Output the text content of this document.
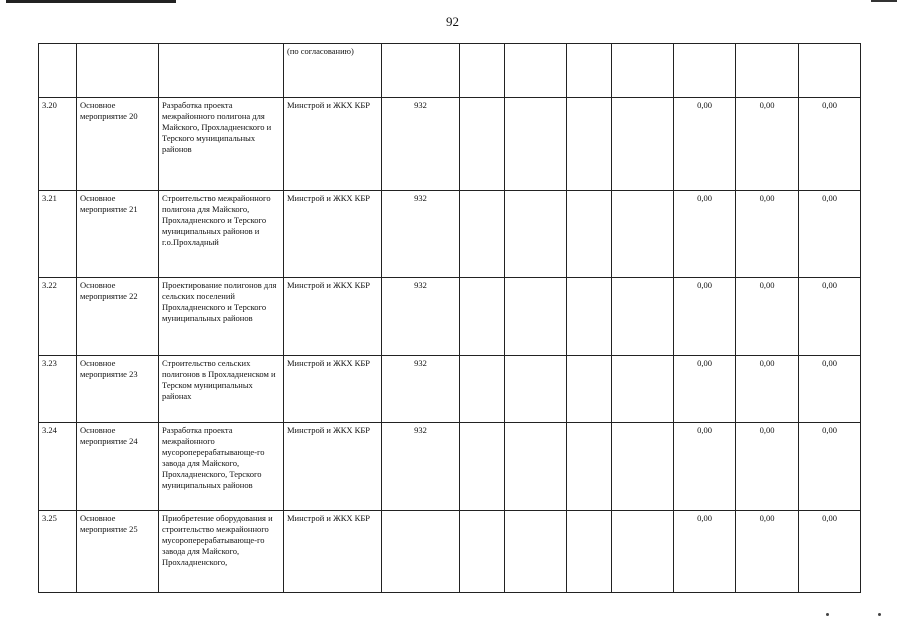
92
			(по согласованию)								
3.20	Основное мероприятие 20	Разработка проекта межрайонного полигона для Майского, Прохладненского и Терского муниципальных районов	Минстрой и ЖКХ КБР	932					0,00	0,00	0,00
3.21	Основное мероприятие 21	Строительство межрайонного полигона для Майского, Прохладненского и Терского муниципальных районов и г.о.Прохладный	Минстрой и ЖКХ КБР	932					0,00	0,00	0,00
3.22	Основное мероприятие 22	Проектирование полигонов для сельских поселений Прохладненского и Терского муниципальных районов	Минстрой и ЖКХ КБР	932					0,00	0,00	0,00
3.23	Основное мероприятие 23	Строительство сельских полигонов в Прохладненском и Терском муниципальных районах	Минстрой и ЖКХ КБР	932					0,00	0,00	0,00
3.24	Основное мероприятие 24	Разработка проекта межрайонного мусороперерабатывающе-го завода для Майского, Прохладненского, Терского муниципальных районов	Минстрой и ЖКХ КБР	932					0,00	0,00	0,00
3.25	Основное мероприятие 25	Приобретение оборудования и строительство межрайонного мусороперерабатывающе-го завода для Майского, Прохладненского,	Минстрой и ЖКХ КБР						0,00	0,00	0,00
